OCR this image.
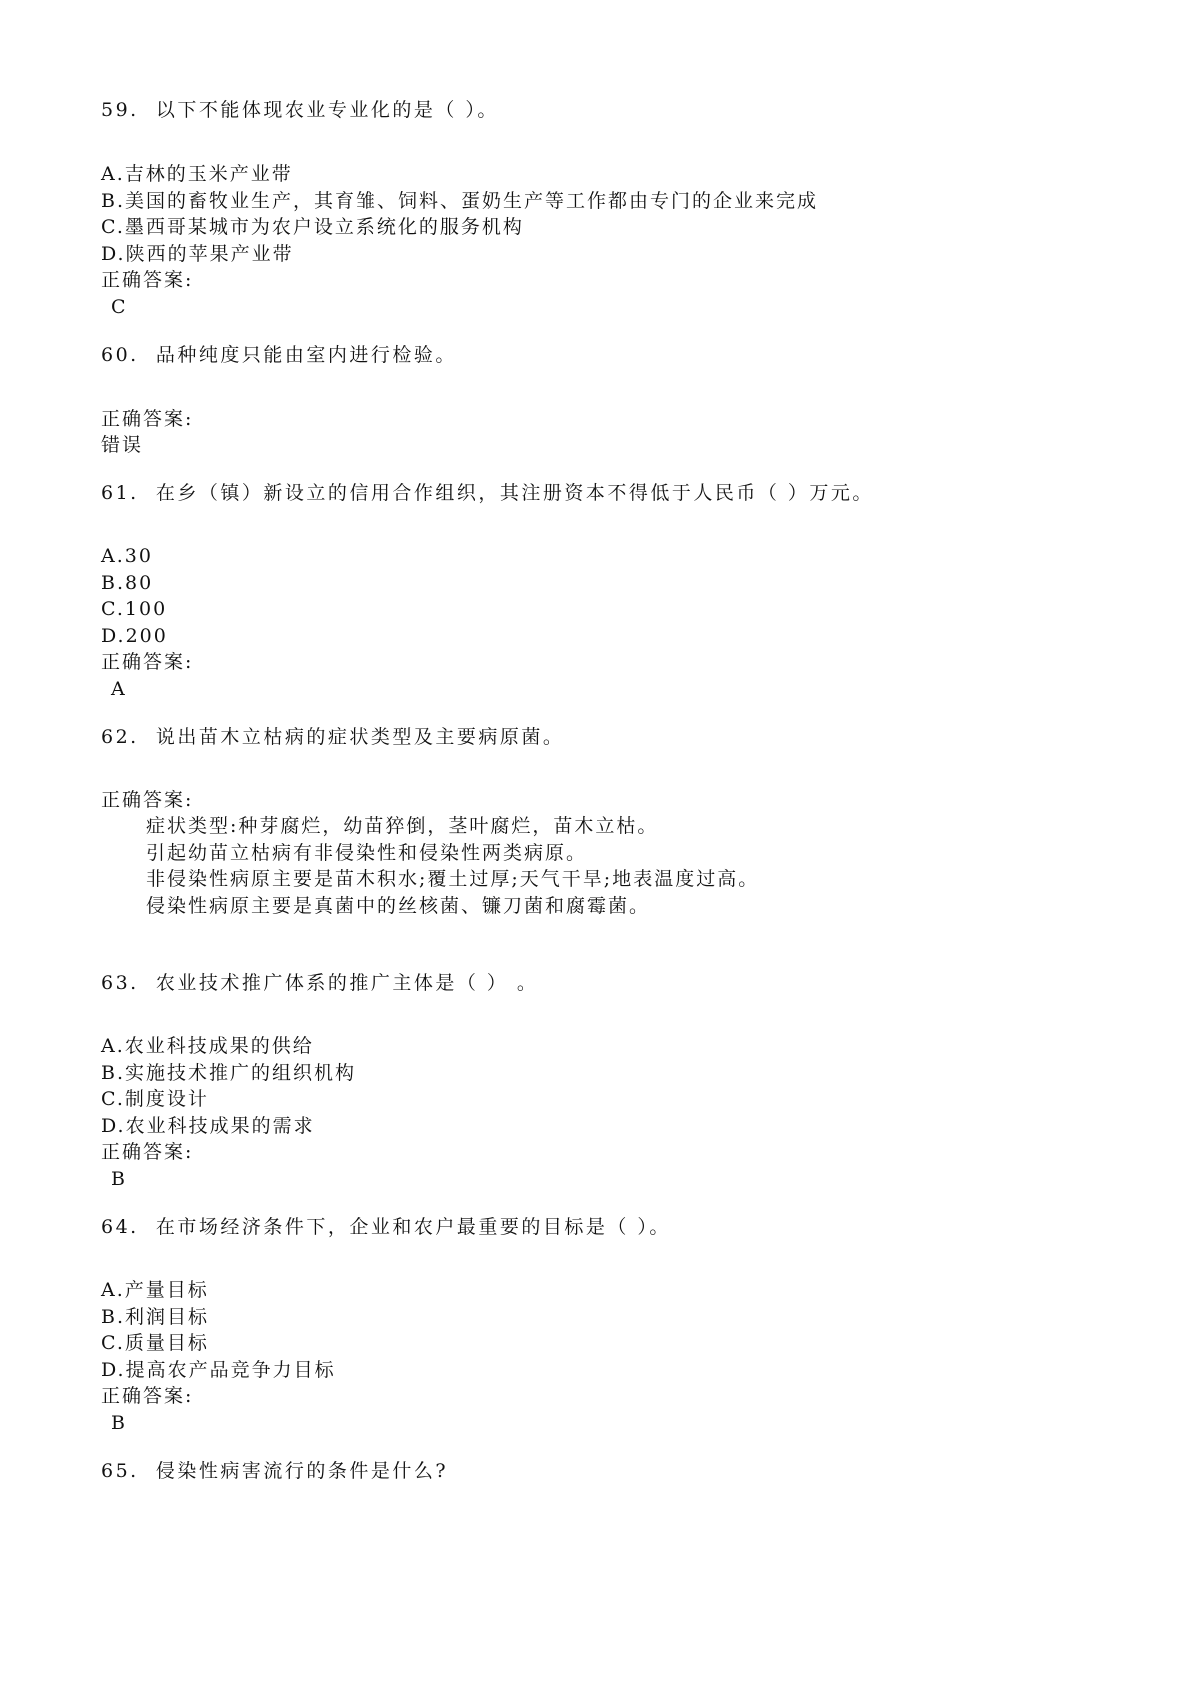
59. 以下不能体现农业专业化的是（ ）。
A.吉林的玉米产业带
B.美国的畜牧业生产，其育雏、饲料、蛋奶生产等工作都由专门的企业来完成
C.墨西哥某城市为农户设立系统化的服务机构
D.陕西的苹果产业带
正确答案:
C
60. 品种纯度只能由室内进行检验。
正确答案:
错误
61. 在乡（镇）新设立的信用合作组织，其注册资本不得低于人民币（ ）万元。
A.30
B.80
C.100
D.200
正确答案:
A
62. 说出苗木立枯病的症状类型及主要病原菌。
正确答案:
症状类型:种芽腐烂，幼苗猝倒，茎叶腐烂，苗木立枯。
引起幼苗立枯病有非侵染性和侵染性两类病原。
非侵染性病原主要是苗木积水;覆土过厚;天气干旱;地表温度过高。
侵染性病原主要是真菌中的丝核菌、镰刀菌和腐霉菌。
63. 农业技术推广体系的推广主体是（ ） 。
A.农业科技成果的供给
B.实施技术推广的组织机构
C.制度设计
D.农业科技成果的需求
正确答案:
B
64. 在市场经济条件下，企业和农户最重要的目标是（ ）。
A.产量目标
B.利润目标
C.质量目标
D.提高农产品竞争力目标
正确答案:
B
65. 侵染性病害流行的条件是什么?
